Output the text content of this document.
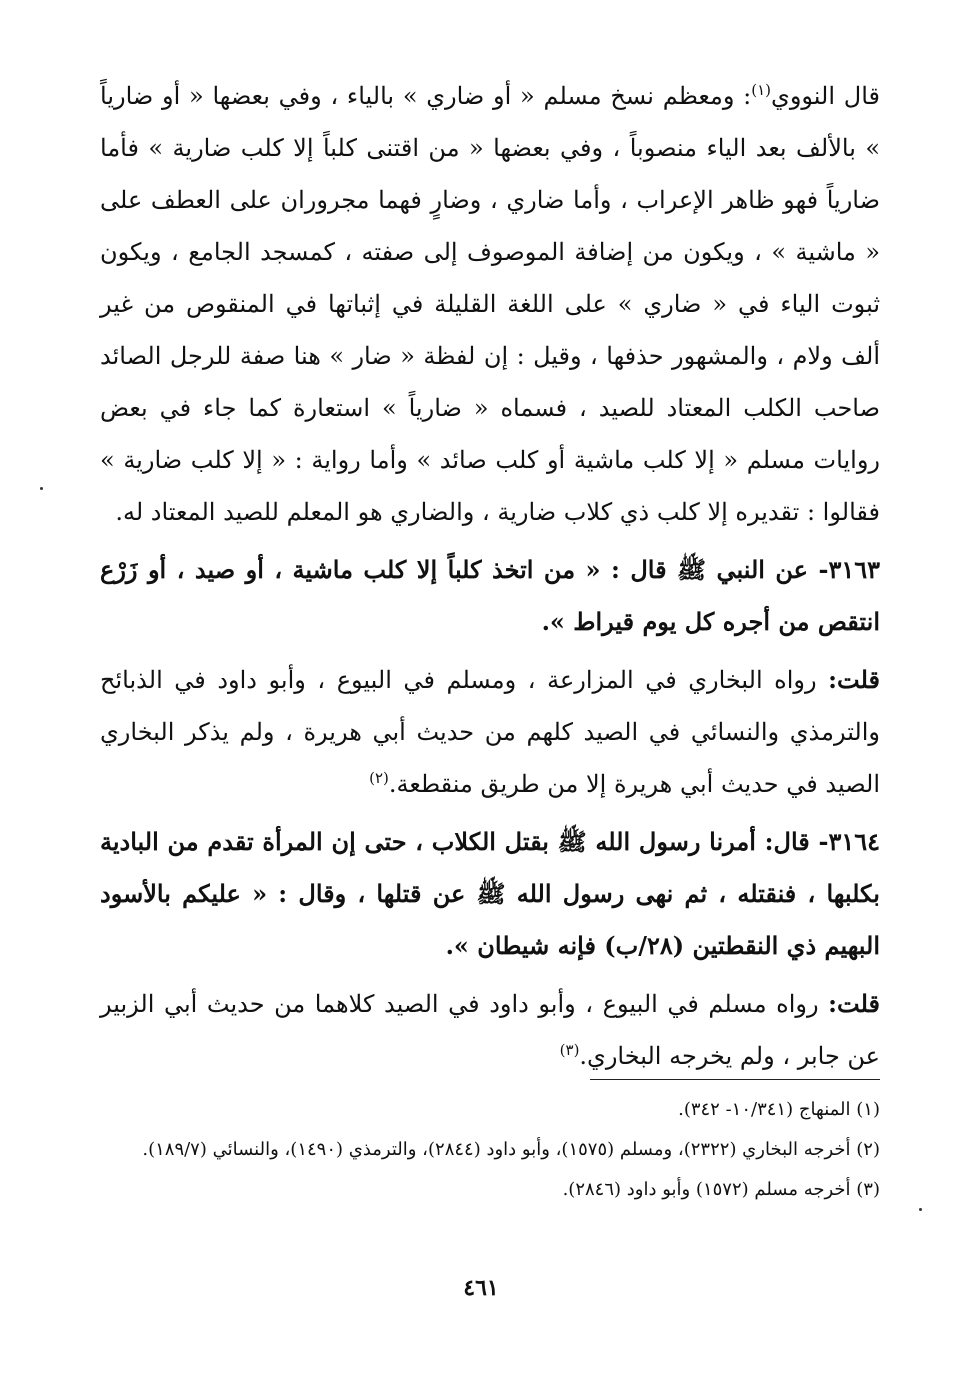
قال النووي$^{(١)}$: ومعظم نسخ مسلم « أو ضاري » بالياء ، وفي بعضها « أو ضارياً » بالألف بعد الياء منصوباً ، وفي بعضها « من اقتنى كلباً إلا كلب ضارية » فأما ضارياً فهو ظاهر الإعراب ، وأما ضاري ، وضارٍ فهما مجروران على العطف على « ماشية » ، ويكون من إضافة الموصوف إلى صفته ، كمسجد الجامع ، ويكون ثبوت الياء في « ضاري » على اللغة القليلة في إثباتها في المنقوص من غير ألف ولام ، والمشهور حذفها ، وقيل : إن لفظة « ضار » هنا صفة للرجل الصائد صاحب الكلب المعتاد للصيد ، فسماه « ضارياً » استعارة كما جاء في بعض روايات مسلم « إلا كلب ماشية أو كلب صائد » وأما رواية : « إلا كلب ضارية » فقالوا : تقديره إلا كلب ذي كلاب ضارية ، والضاري هو المعلم للصيد المعتاد له.

٣١٦٣- عن النبي ﷺ قال : « من اتخذ كلباً إلا كلب ماشية ، أو صيد ، أو زَرْع انتقص من أجره كل يوم قيراط ».

قلت: رواه البخاري في المزارعة ، ومسلم في البيوع ، وأبو داود في الذبائح والترمذي والنسائي في الصيد كلهم من حديث أبي هريرة ، ولم يذكر البخاري الصيد في حديث أبي هريرة إلا من طريق منقطعة.$^{(٢)}$

٣١٦٤- قال: أمرنا رسول الله ﷺ بقتل الكلاب ، حتى إن المرأة تقدم من البادية بكلبها ، فنقتله ، ثم نهى رسول الله ﷺ عن قتلها ، وقال : « عليكم بالأسود البهيم ذي النقطتين (٢٨/ب) فإنه شيطان ».

قلت: رواه مسلم في البيوع ، وأبو داود في الصيد كلاهما من حديث أبي الزبير عن جابر ، ولم يخرجه البخاري.$^{(٣)}$

(١) المنهاج (١٠/٣٤١- ٣٤٢).

(٢) أخرجه البخاري (٢٣٢٢)، ومسلم (١٥٧٥)، وأبو داود (٢٨٤٤)، والترمذي (١٤٩٠)، والنسائي (١٨٩/٧).

(٣) أخرجه مسلم (١٥٧٢) وأبو داود (٢٨٤٦).

٤٦١
